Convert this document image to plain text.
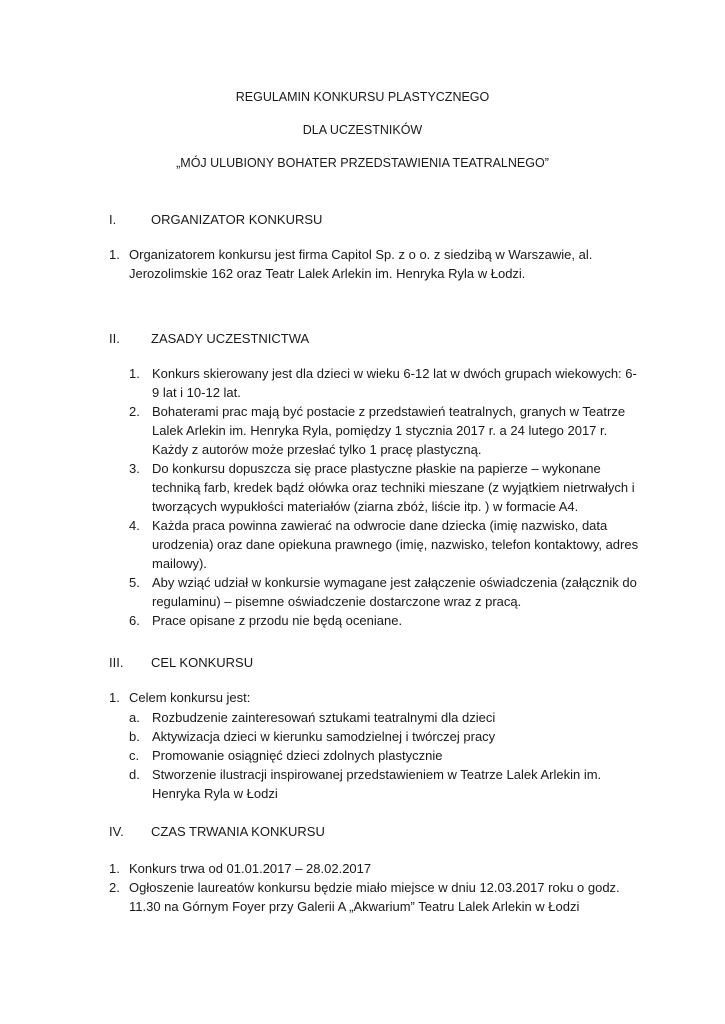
REGULAMIN KONKURSU PLASTYCZNEGO
DLA UCZESTNIKÓW
„MÓJ ULUBIONY BOHATER PRZEDSTAWIENIA TEATRALNEGO”
I.	ORGANIZATOR KONKURSU
1. Organizatorem konkursu jest firma Capitol Sp. z o o. z siedzibą w Warszawie, al. Jerozolimskie 162 oraz Teatr Lalek Arlekin im. Henryka Ryla w Łodzi.
II. ZASADY UCZESTNICTWA
1. Konkurs skierowany jest dla dzieci w wieku 6-12 lat w dwóch grupach wiekowych: 6-9 lat i 10-12 lat.
2. Bohaterami prac mają być postacie z przedstawień teatralnych, granych w Teatrze Lalek Arlekin im. Henryka Ryla, pomiędzy 1 stycznia 2017 r. a 24 lutego 2017 r. Każdy z autorów może przesłać tylko 1 pracę plastyczną.
3. Do konkursu dopuszcza się prace plastyczne płaskie na papierze – wykonane techniką farb, kredek bądź ołówka oraz techniki mieszane (z wyjątkiem nietrwałych i tworzących wypukłości materiałów (ziarna zbóż, liście itp. ) w formacie A4.
4. Każda praca powinna zawierać na odwrocie dane dziecka (imię nazwisko, data urodzenia) oraz dane opiekuna prawnego (imię, nazwisko, telefon kontaktowy, adres mailowy).
5. Aby wziąć udział w konkursie wymagane jest załączenie oświadczenia (załącznik do regulaminu) – pisemne oświadczenie dostarczone wraz z pracą.
6. Prace opisane z przodu nie będą oceniane.
III. CEL KONKURSU
1. Celem konkursu jest:
a. Rozbudzenie zainteresowań sztukami teatralnymi dla dzieci
b. Aktywizacja dzieci w kierunku samodzielnej i twórczej pracy
c. Promowanie osiągnięć dzieci zdolnych plastycznie
d. Stworzenie ilustracji inspirowanej przedstawieniem w Teatrze Lalek Arlekin im. Henryka Ryla w Łodzi
IV. CZAS TRWANIA KONKURSU
1. Konkurs trwa od 01.01.2017 – 28.02.2017
2. Ogłoszenie laureatów konkursu będzie miało miejsce w dniu 12.03.2017 roku o godz. 11.30 na Górnym Foyer przy Galerii A „Akwarium” Teatru Lalek Arlekin w Łodzi
